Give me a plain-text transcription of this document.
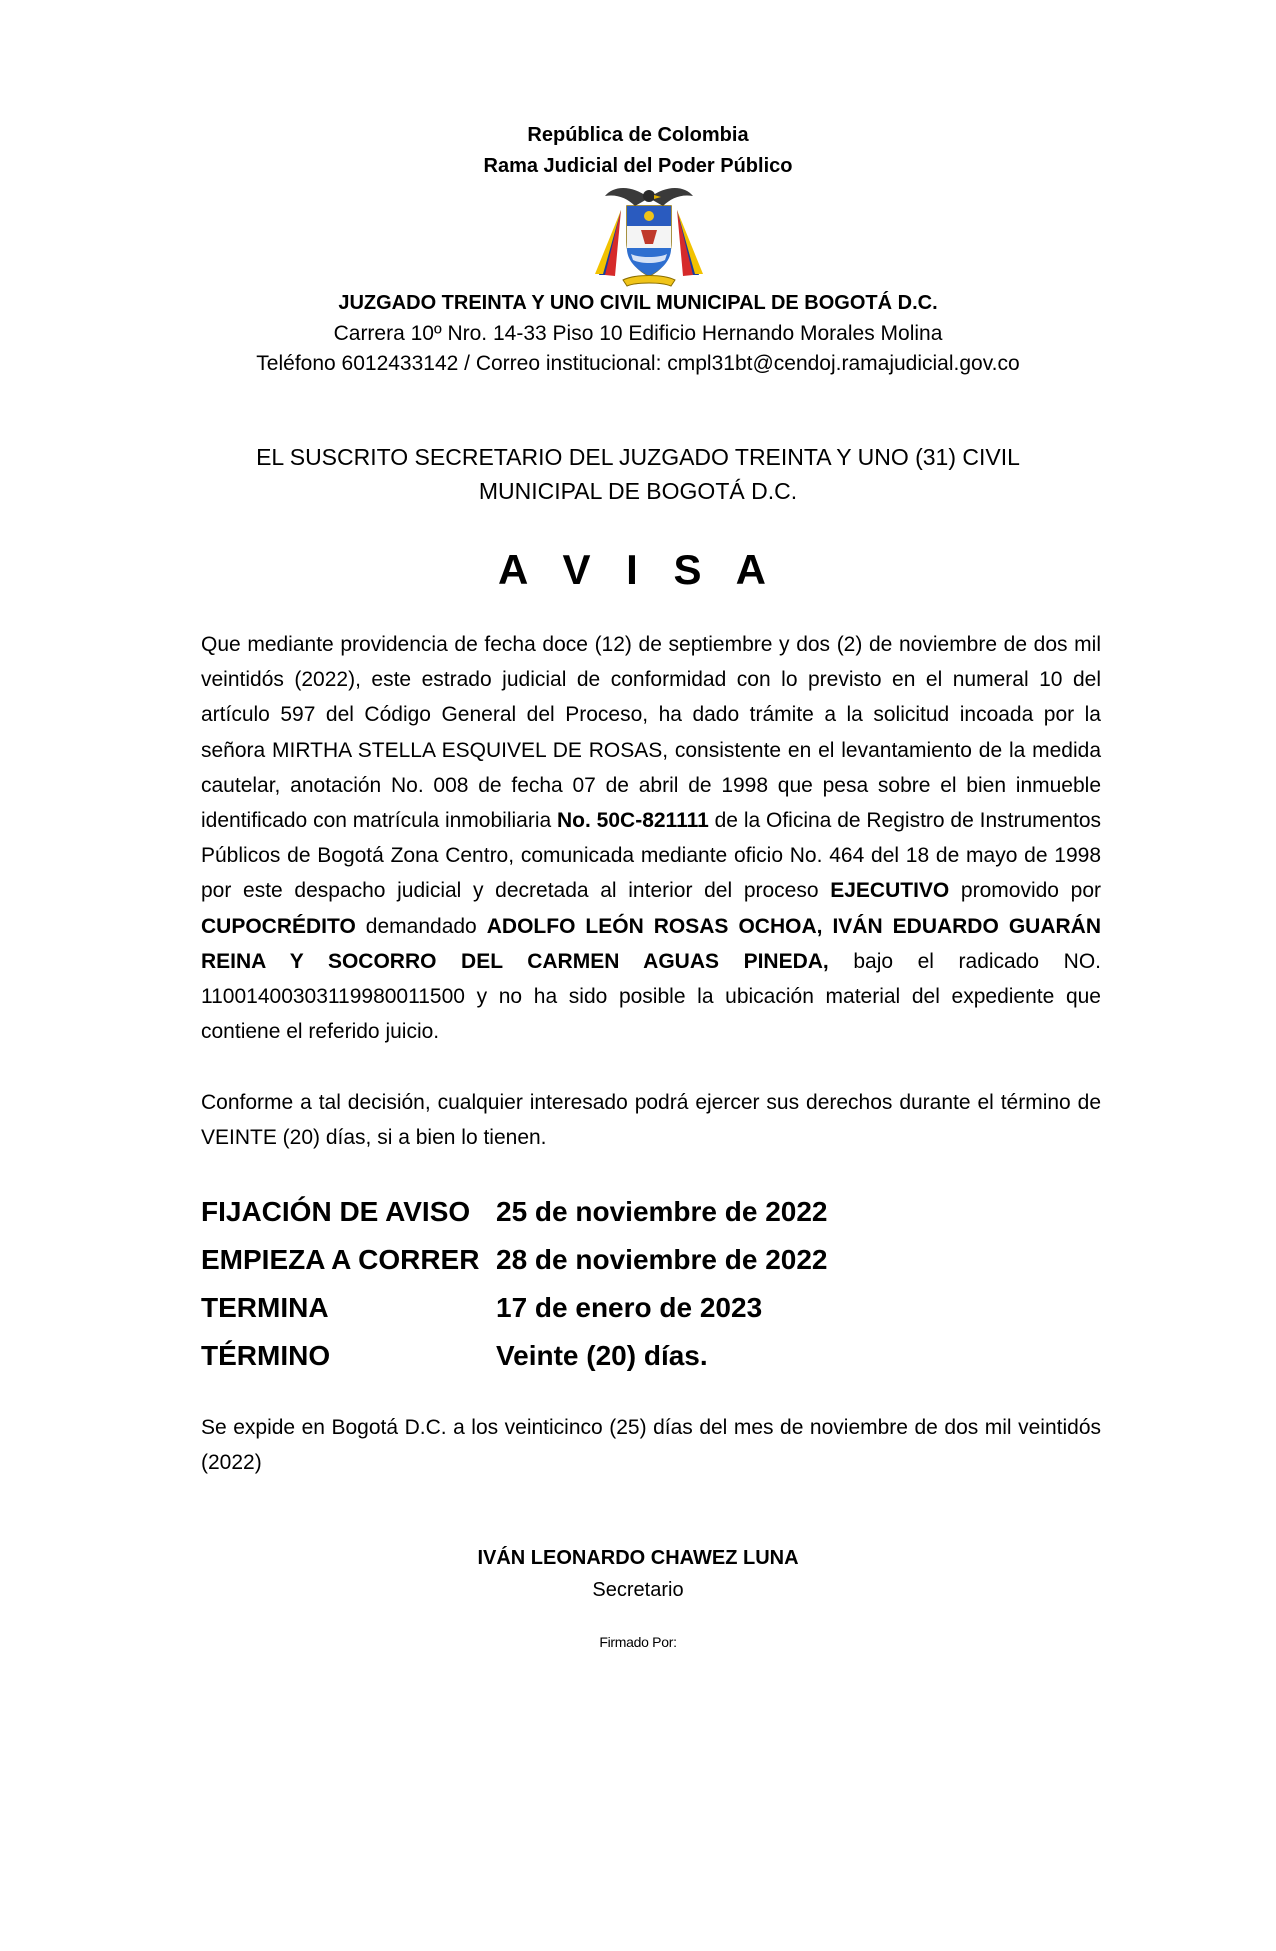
República de Colombia
Rama Judicial del Poder Público
JUZGADO TREINTA Y UNO CIVIL MUNICIPAL DE BOGOTÁ D.C.
Carrera 10º Nro. 14-33 Piso 10 Edificio Hernando Morales Molina
Teléfono 6012433142 / Correo institucional: cmpl31bt@cendoj.ramajudicial.gov.co
EL SUSCRITO SECRETARIO DEL JUZGADO TREINTA Y UNO (31) CIVIL
MUNICIPAL DE BOGOTÁ D.C.
A V I S A

Que mediante providencia de fecha doce (12) de septiembre y dos (2) de noviembre de dos mil veintidós (2022), este estrado judicial de conformidad con lo previsto en el numeral 10 del artículo 597 del Código General del Proceso, ha dado trámite a la solicitud incoada por la señora MIRTHA STELLA ESQUIVEL DE ROSAS, consistente en el levantamiento de la medida cautelar, anotación No. 008 de fecha 07 de abril de 1998 que pesa sobre el bien inmueble identificado con matrícula inmobiliaria No. 50C-821111 de la Oficina de Registro de Instrumentos Públicos de Bogotá Zona Centro, comunicada mediante oficio No. 464 del 18 de mayo de 1998 por este despacho judicial y decretada al interior del proceso EJECUTIVO promovido por CUPOCRÉDITO demandado ADOLFO LEÓN ROSAS OCHOA, IVÁN EDUARDO GUARÁN REINA Y SOCORRO DEL CARMEN AGUAS PINEDA, bajo el radicado NO. 11001400303119980011500 y no ha sido posible la ubicación material del expediente que contiene el referido juicio.

Conforme a tal decisión, cualquier interesado podrá ejercer sus derechos durante el término de VEINTE (20) días, si a bien lo tienen.

FIJACIÓN DE AVISO 25 de noviembre de 2022
EMPIEZA A CORRER 28 de noviembre de 2022
TERMINA	17 de enero de 2023
TÉRMINO	Veinte (20) días.

Se expide en Bogotá D.C. a los veinticinco (25) días del mes de noviembre de dos mil veintidós (2022)

IVÁN LEONARDO CHAWEZ LUNA
Secretario
Firmado Por:
